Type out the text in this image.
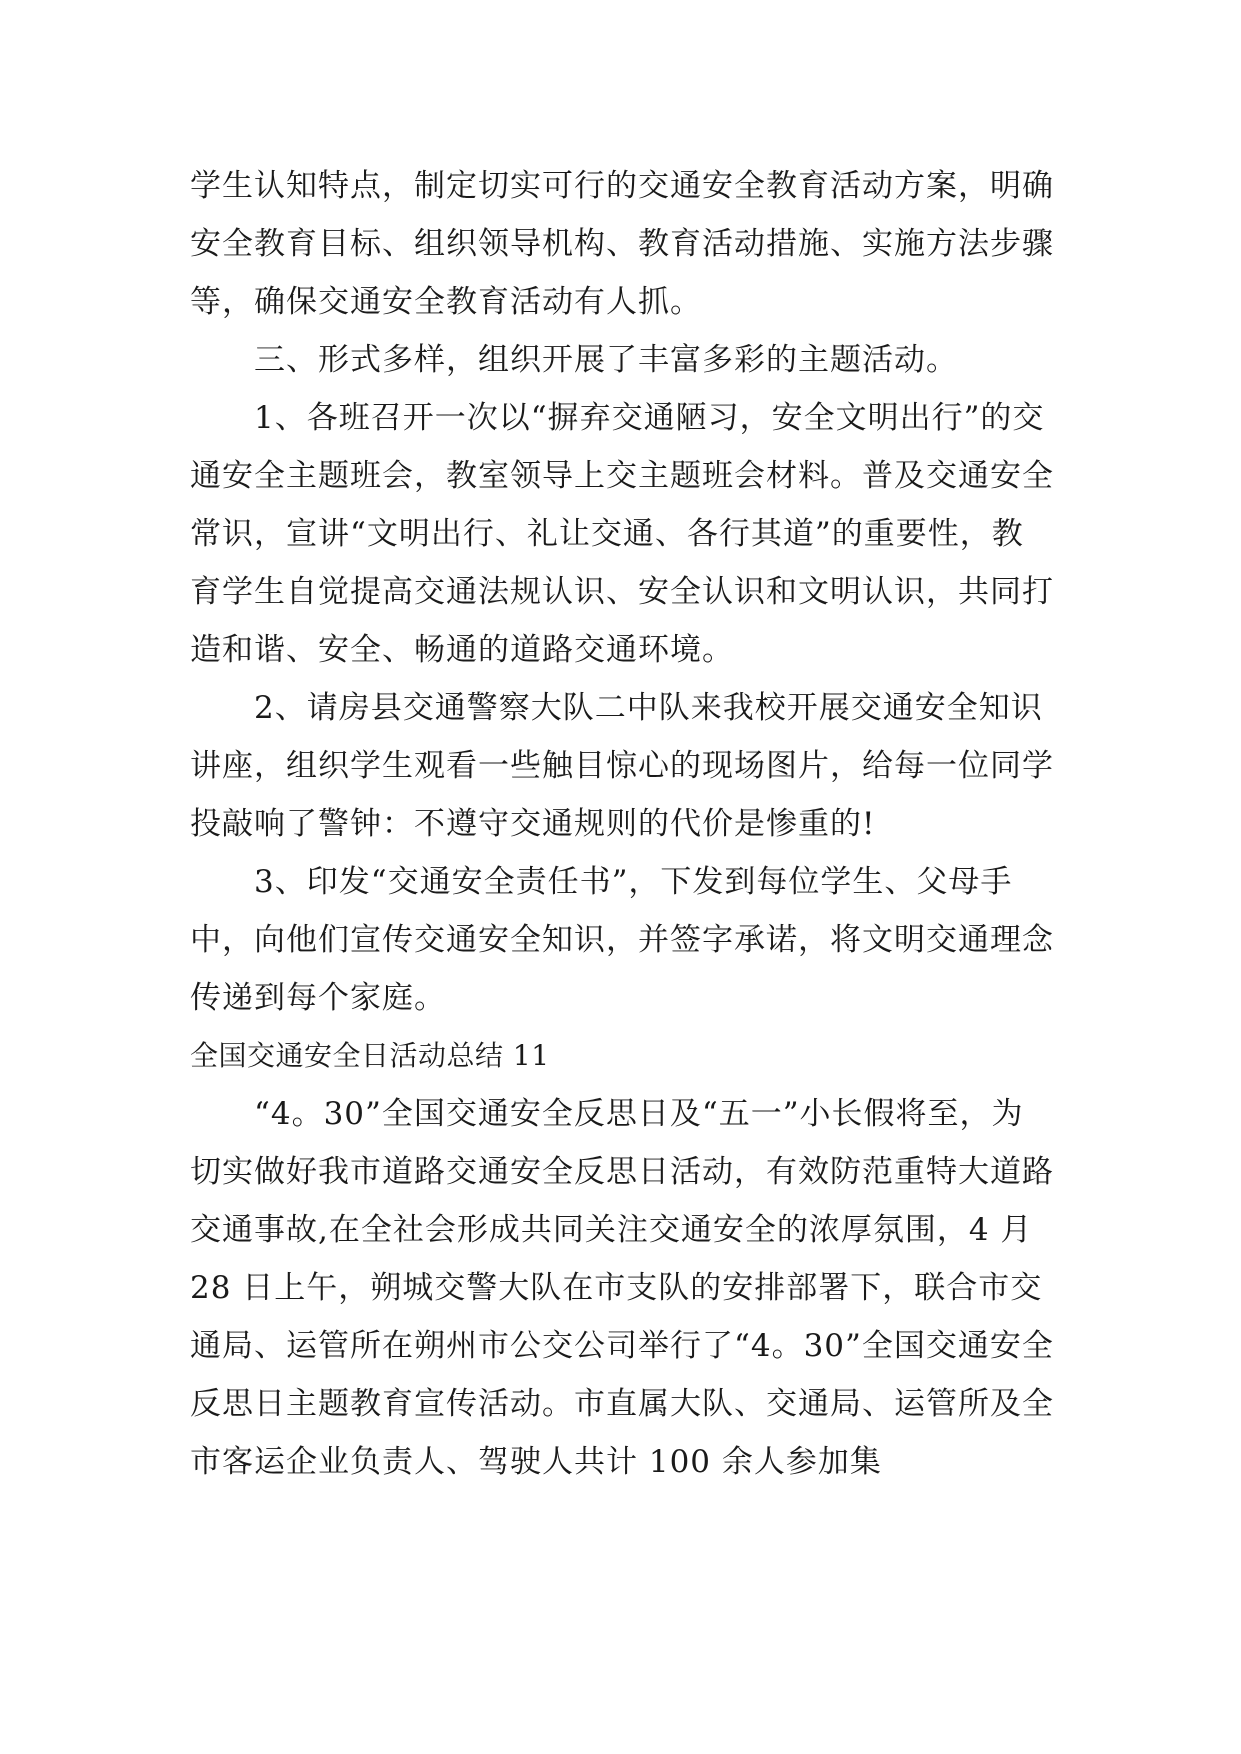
学生认知特点，制定切实可行的交通安全教育活动方案，明确安全教育目标、组织领导机构、教育活动措施、实施方法步骤等，确保交通安全教育活动有人抓。

三、形式多样，组织开展了丰富多彩的主题活动。

1、各班召开一次以“摒弃交通陋习，安全文明出行”的交通安全主题班会，教室领导上交主题班会材料。普及交通安全常识，宣讲“文明出行、礼让交通、各行其道”的重要性，教育学生自觉提高交通法规认识、安全认识和文明认识，共同打造和谐、安全、畅通的道路交通环境。

2、请房县交通警察大队二中队来我校开展交通安全知识讲座，组织学生观看一些触目惊心的现场图片，给每一位同学投敲响了警钟：不遵守交通规则的代价是惨重的!

3、印发“交通安全责任书”，下发到每位学生、父母手中，向他们宣传交通安全知识，并签字承诺，将文明交通理念传递到每个家庭。

全国交通安全日活动总结 11

“4。30”全国交通安全反思日及“五一”小长假将至，为切实做好我市道路交通安全反思日活动，有效防范重特大道路交通事故,在全社会形成共同关注交通安全的浓厚氛围，4 月 28 日上午，朔城交警大队在市支队的安排部署下，联合市交通局、运管所在朔州市公交公司举行了“4。30”全国交通安全反思日主题教育宣传活动。市直属大队、交通局、运管所及全市客运企业负责人、驾驶人共计 100 余人参加集
